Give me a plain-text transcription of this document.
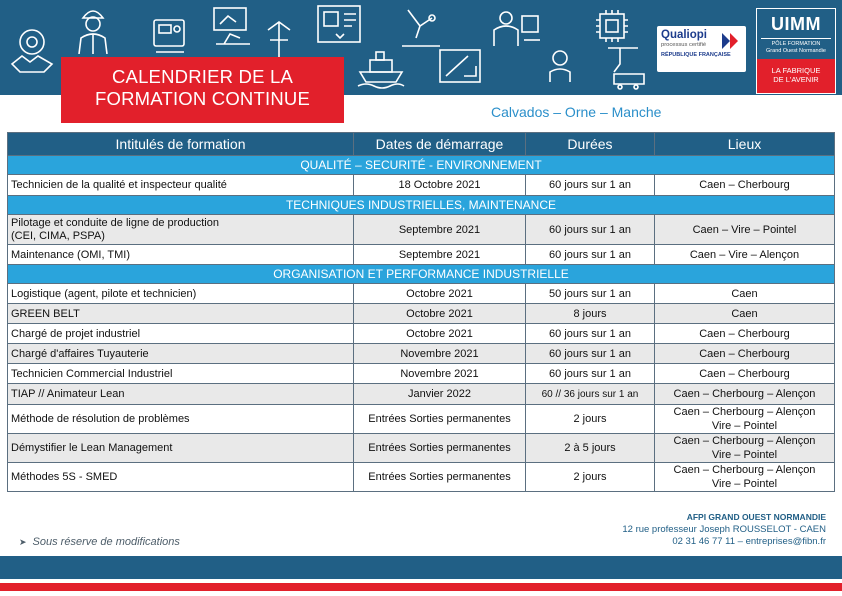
CALENDRIER DE LA
FORMATION CONTINUE
Qualiopi
processus certifié
RÉPUBLIQUE FRANÇAISE
UIMM
PÔLE FORMATION
Grand Ouest Normandie
LA FABRIQUE
DE L'AVENIR
Calvados – Orne – Manche
Intitulés de formation	Dates de démarrage	Durées	Lieux
QUALITÉ – SECURITÉ - ENVIRONNEMENT			
Technicien de la qualité et inspecteur qualité	18 Octobre 2021	60 jours sur 1 an	Caen – Cherbourg
TECHNIQUES INDUSTRIELLES, MAINTENANCE			

Pilotage et conduite de ligne de production
(CEI, CIMA, PSPA)	Septembre 2021	60 jours sur 1 an	Caen – Vire – Pointel
Maintenance (OMI, TMI)	Septembre 2021	60 jours sur 1 an	Caen – Vire – Alençon
ORGANISATION ET PERFORMANCE INDUSTRIELLE			
Logistique (agent, pilote et technicien)	Octobre 2021	50 jours sur 1 an	Caen
GREEN BELT	Octobre 2021	8 jours	Caen
Chargé de projet industriel	Octobre 2021	60 jours sur 1 an	Caen – Cherbourg
Chargé d'affaires Tuyauterie	Novembre 2021	60 jours sur 1 an	Caen – Cherbourg
Technicien Commercial Industriel	Novembre 2021	60 jours sur 1 an	Caen – Cherbourg
TIAP // Animateur Lean	Janvier 2022	60 // 36 jours sur 1 an	Caen – Cherbourg – Alençon
Méthode de résolution de problèmes	Entrées Sorties permanentes	2 jours	Caen – Cherbourg – Alençon
Vire – Pointel

Démystifier le Lean Management	Entrées Sorties permanentes	2 à 5 jours	Caen – Cherbourg – Alençon
Vire – Pointel

Méthodes 5S - SMED	Entrées Sorties permanentes	2 jours	Caen – Cherbourg – Alençon
Vire – Pointel
➤ Sous réserve de modifications
AFPI GRAND OUEST NORMANDIE
12 rue professeur Joseph ROUSSELOT - CAEN
02 31 46 77 11 – entreprises@fibn.fr
